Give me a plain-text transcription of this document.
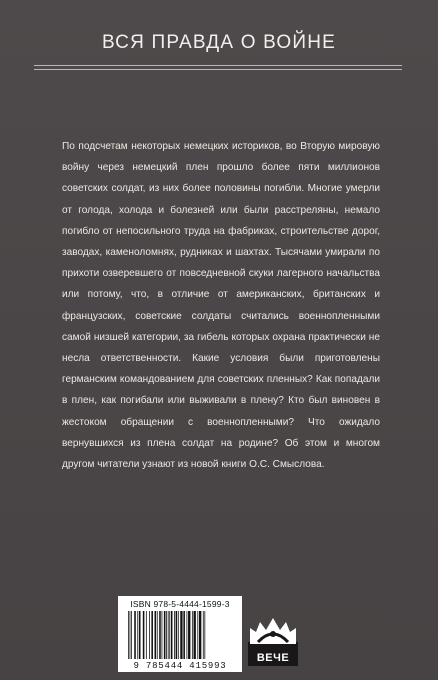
ВСЯ ПРАВДА О ВОЙНЕ

По подсчетам некоторых немецких историков, во Вторую мировую войну через немецкий плен прошло более пяти миллионов советских солдат, из них более половины погибли. Многие умерли от голода, холода и болезней или были расстреляны, немало погибло от непосильного труда на фабриках, строительстве дорог, заводах, каменоломнях, рудниках и шахтах. Тысячами умирали по прихоти озверевшего от повседневной скуки лагерного начальства или потому, что, в отличие от американских, британских и французских, советские солдаты считались военнопленными самой низшей категории, за гибель которых охрана практически не несла ответственности. Какие условия были приготовлены германским командованием для советских пленных? Как попадали в плен, как погибали или выживали в плену? Кто был виновен в жестоком обращении с военнопленными? Что ожидало вернувшихся из плена солдат на родине? Об этом и многом другом читатели узнают из новой книги О.С. Смыслова.

ISBN 978-5-4444-1599-3
9 785444 415993
ВЕЧЕ
